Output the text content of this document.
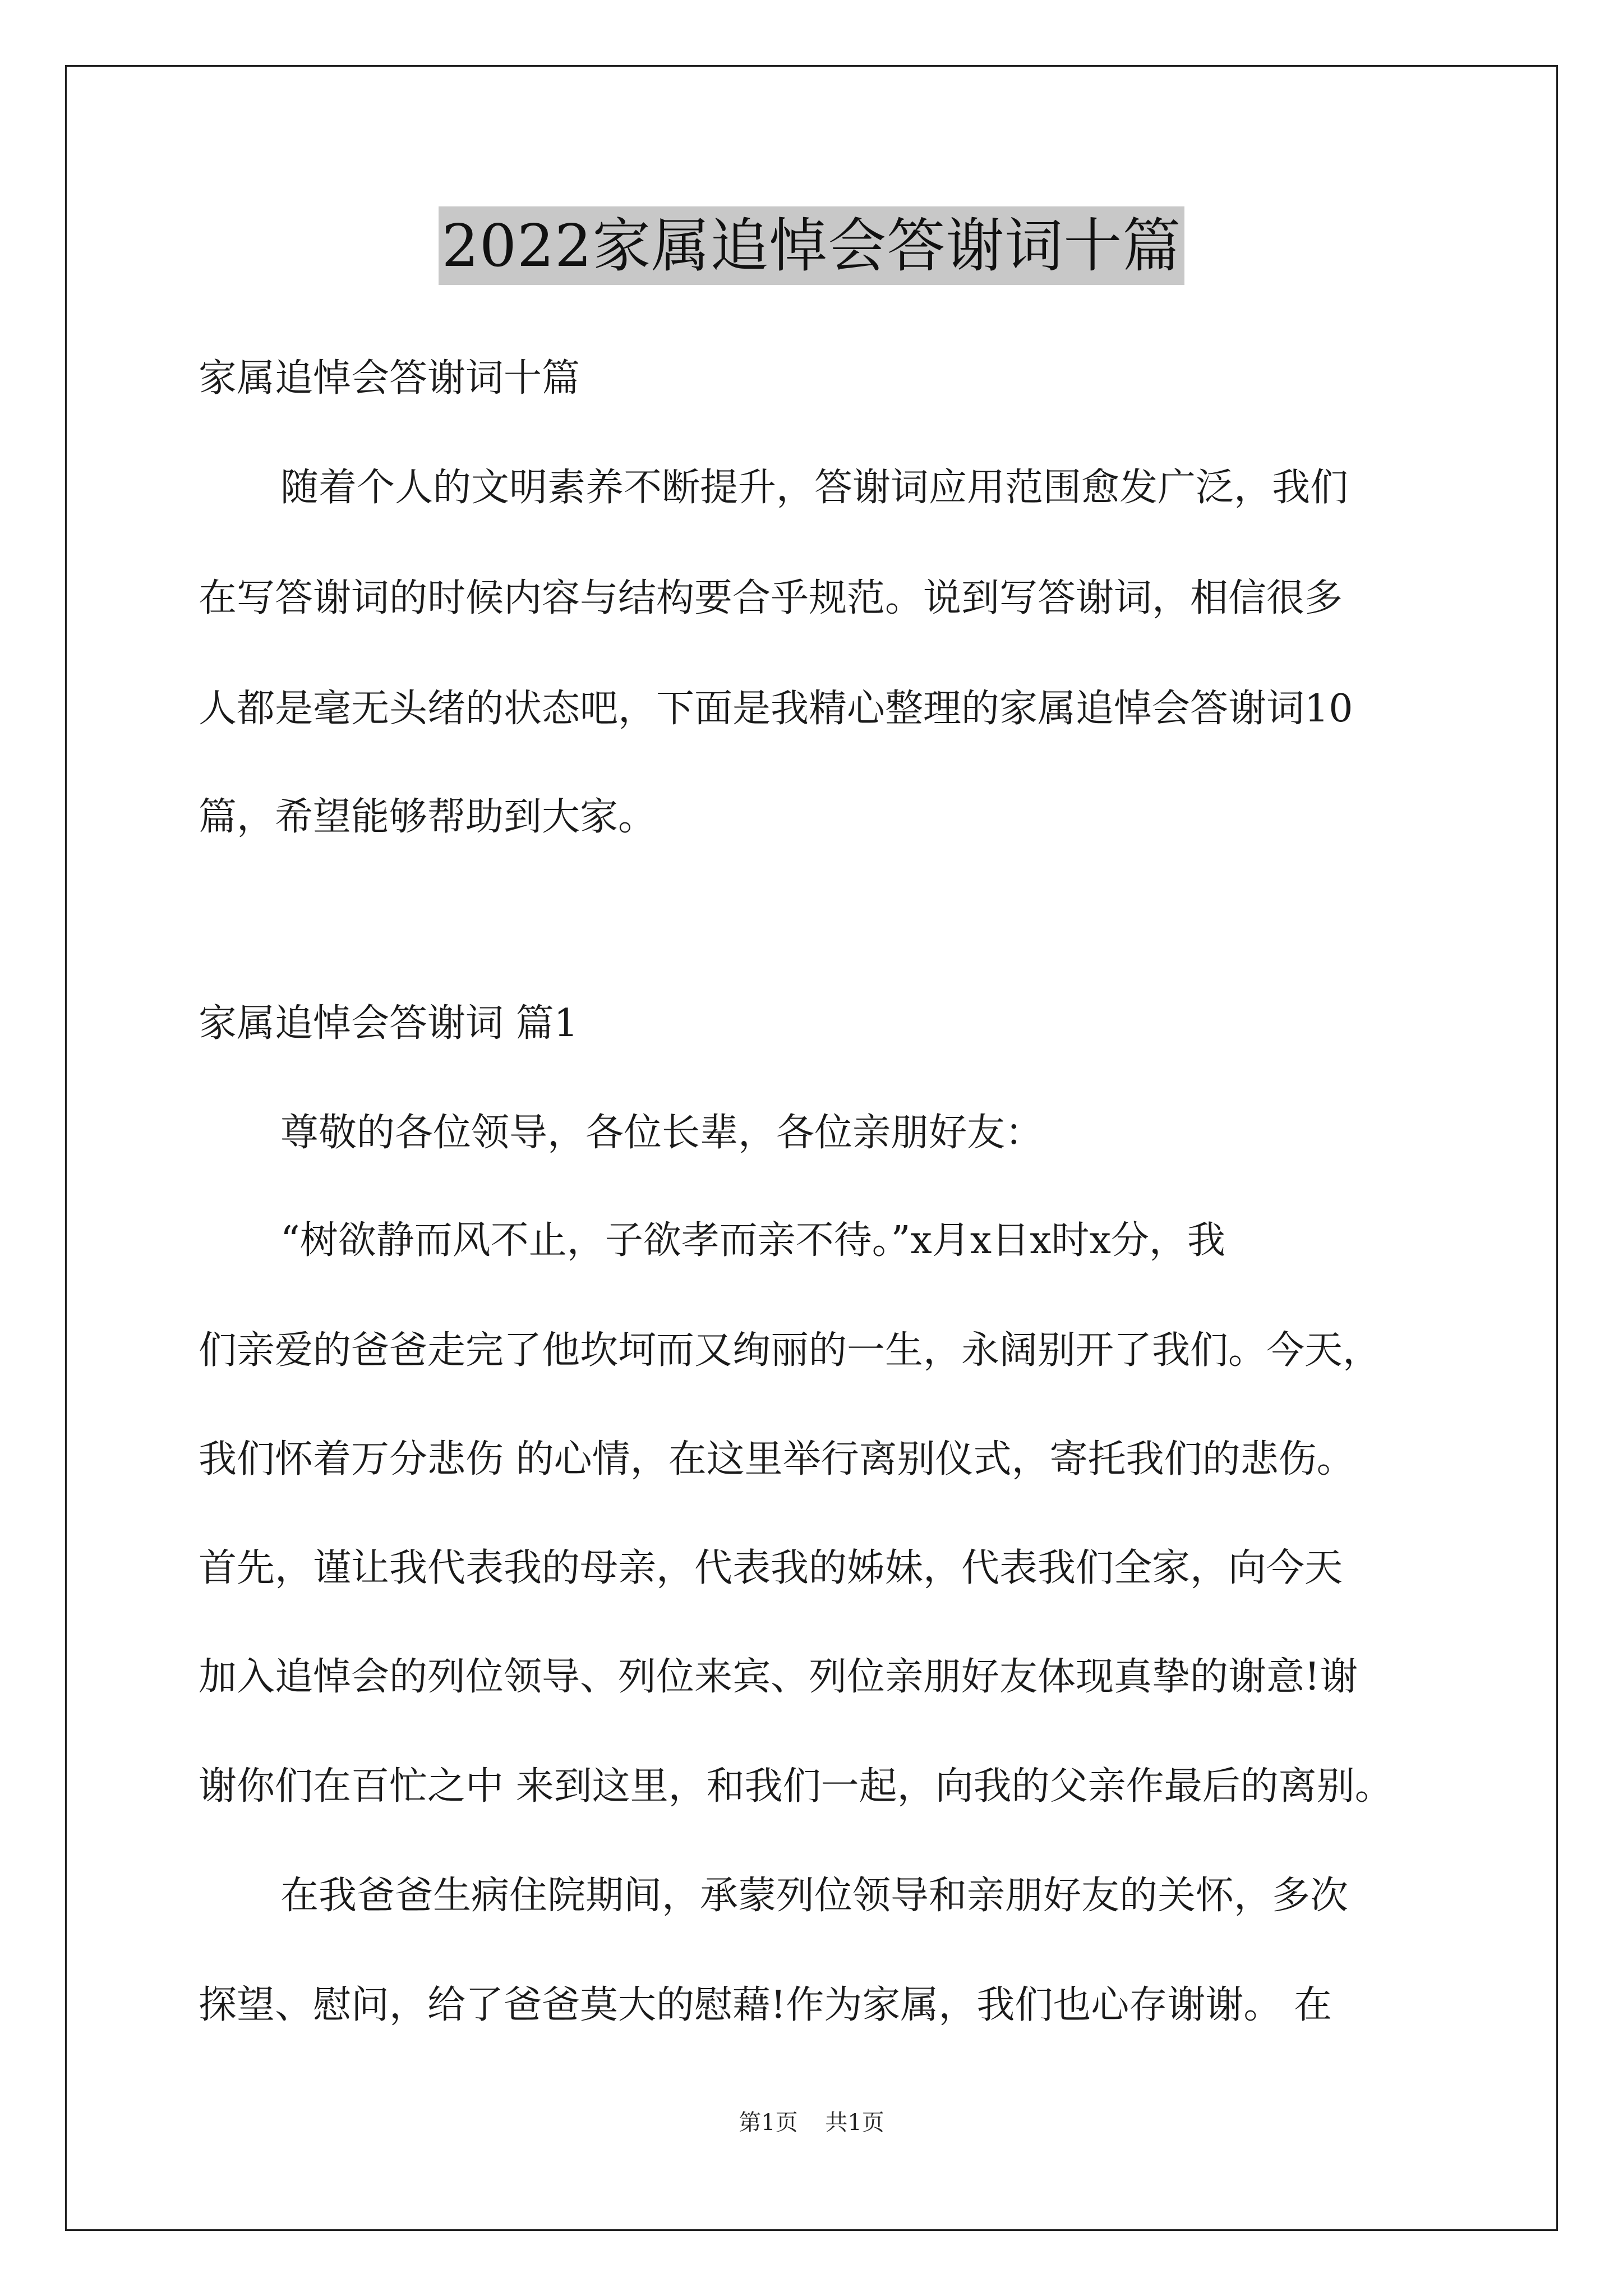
2022家属追悼会答谢词十篇
家属追悼会答谢词十篇
随着个人的文明素养不断提升，答谢词应用范围愈发广泛，我们
在写答谢词的时候内容与结构要合乎规范。说到写答谢词，相信很多
人都是毫无头绪的状态吧，下面是我精心整理的家属追悼会答谢词10
篇，希望能够帮助到大家。
家属追悼会答谢词 篇1
尊敬的各位领导，各位长辈，各位亲朋好友：
“树欲静而风不止，子欲孝而亲不待。”x月x日x时x分，我
们亲爱的爸爸走完了他坎坷而又绚丽的一生，永阔别开了我们。今天，
我们怀着万分悲伤 的心情，在这里举行离别仪式，寄托我们的悲伤。
首先，谨让我代表我的母亲，代表我的姊妹，代表我们全家，向今天
加入追悼会的列位领导、列位来宾、列位亲朋好友体现真挚的谢意!谢
谢你们在百忙之中 来到这里，和我们一起，向我的父亲作最后的离别。
在我爸爸生病住院期间，承蒙列位领导和亲朋好友的关怀，多次
探望、慰问，给了爸爸莫大的慰藉!作为家属，我们也心存谢谢。 在
第1页 共1页
